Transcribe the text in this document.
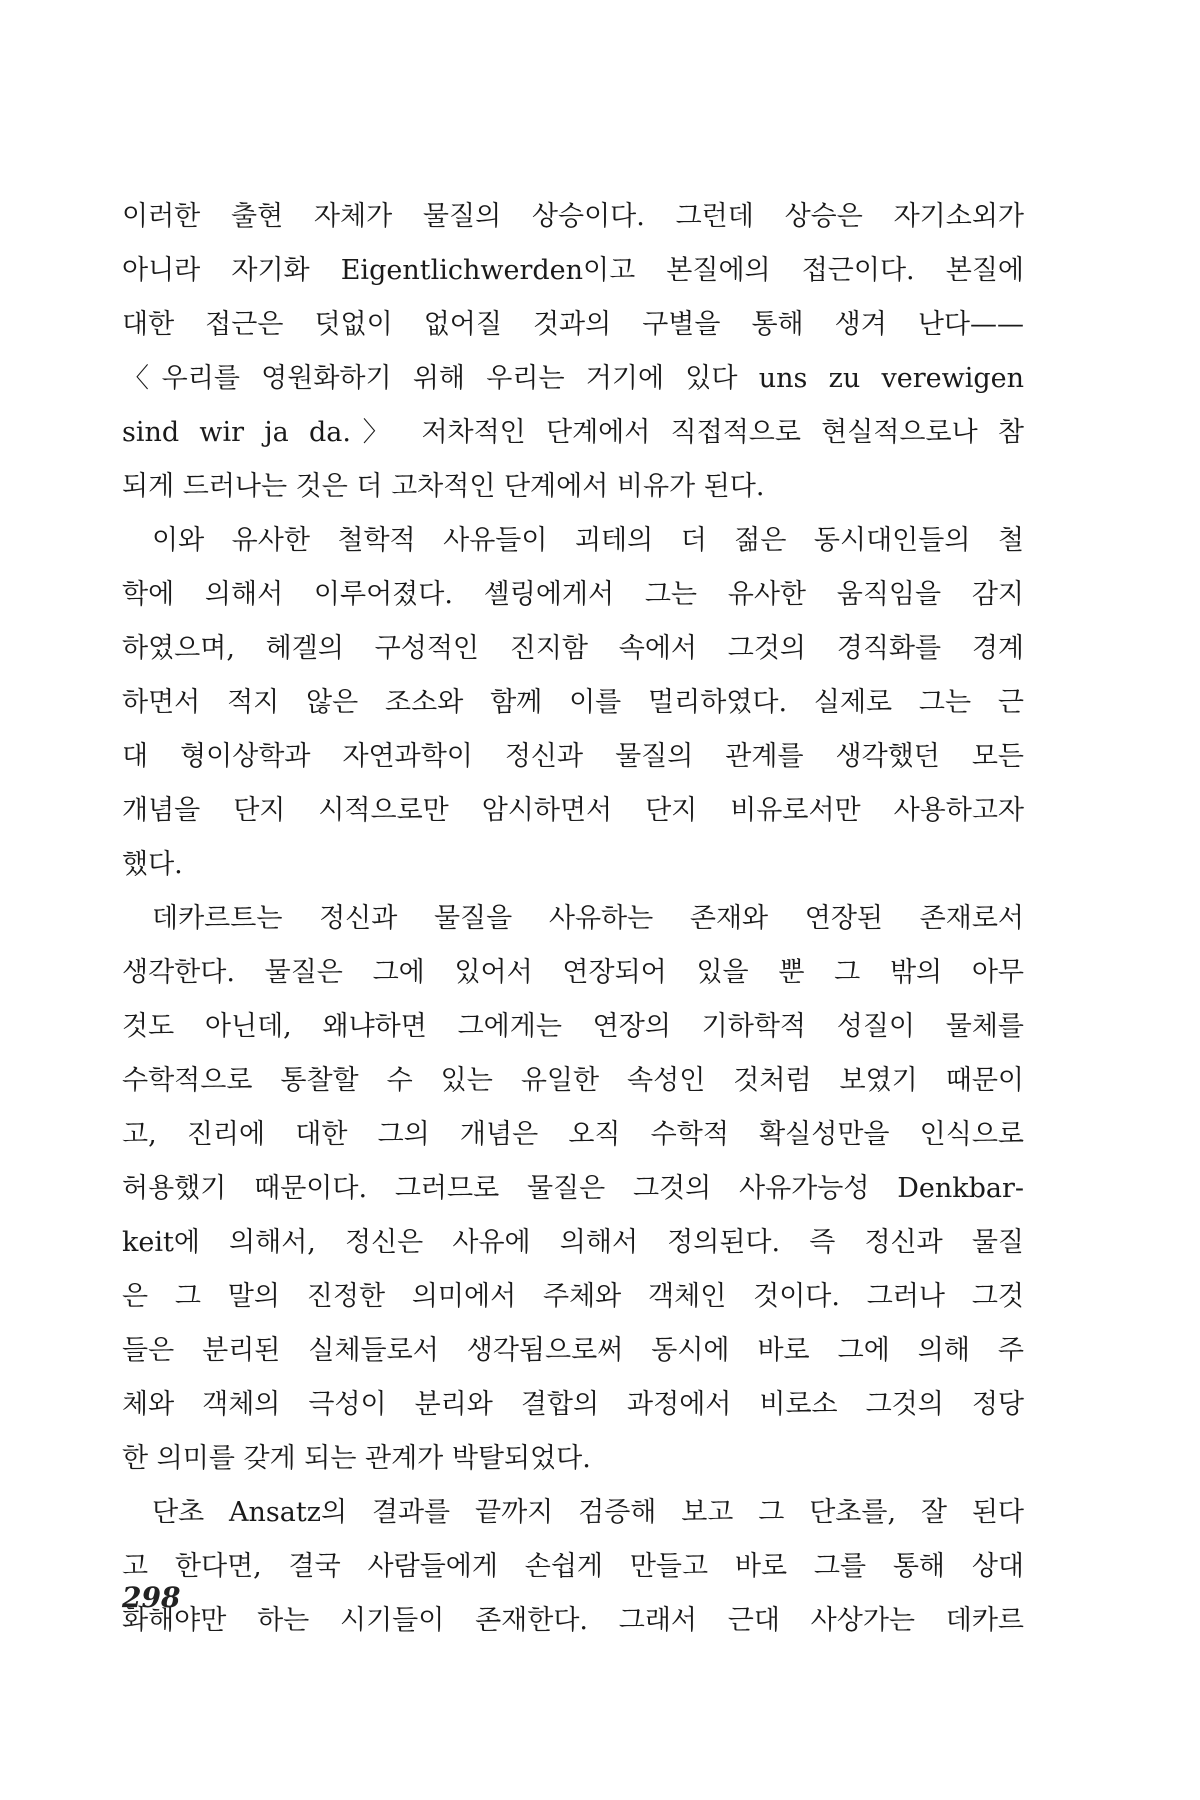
이러한 출현 자체가 물질의 상승이다. 그런데 상승은 자기소외가
아니라 자기화 Eigentlichwerden이고 본질에의 접근이다. 본질에
대한 접근은 덧없이 없어질 것과의 구별을 통해 생겨 난다——
〈우리를 영원화하기 위해 우리는 거기에 있다 uns zu verewigen
sind wir ja da.〉 저차적인 단계에서 직접적으로 현실적으로나 참
되게 드러나는 것은 더 고차적인 단계에서 비유가 된다.
이와 유사한 철학적 사유들이 괴테의 더 젊은 동시대인들의 철
학에 의해서 이루어졌다. 셸링에게서 그는 유사한 움직임을 감지
하였으며, 헤겔의 구성적인 진지함 속에서 그것의 경직화를 경계
하면서 적지 않은 조소와 함께 이를 멀리하였다. 실제로 그는 근
대 형이상학과 자연과학이 정신과 물질의 관계를 생각했던 모든
개념을 단지 시적으로만 암시하면서 단지 비유로서만 사용하고자
했다.
데카르트는 정신과 물질을 사유하는 존재와 연장된 존재로서
생각한다. 물질은 그에 있어서 연장되어 있을 뿐 그 밖의 아무
것도 아닌데, 왜냐하면 그에게는 연장의 기하학적 성질이 물체를
수학적으로 통찰할 수 있는 유일한 속성인 것처럼 보였기 때문이
고, 진리에 대한 그의 개념은 오직 수학적 확실성만을 인식으로
허용했기 때문이다. 그러므로 물질은 그것의 사유가능성 Denkbar-
keit에 의해서, 정신은 사유에 의해서 정의된다. 즉 정신과 물질
은 그 말의 진정한 의미에서 주체와 객체인 것이다. 그러나 그것
들은 분리된 실체들로서 생각됨으로써 동시에 바로 그에 의해 주
체와 객체의 극성이 분리와 결합의 과정에서 비로소 그것의 정당
한 의미를 갖게 되는 관계가 박탈되었다.
단초 Ansatz의 결과를 끝까지 검증해 보고 그 단초를, 잘 된다
고 한다면, 결국 사람들에게 손쉽게 만들고 바로 그를 통해 상대
화해야만 하는 시기들이 존재한다. 그래서 근대 사상가는 데카르
298
